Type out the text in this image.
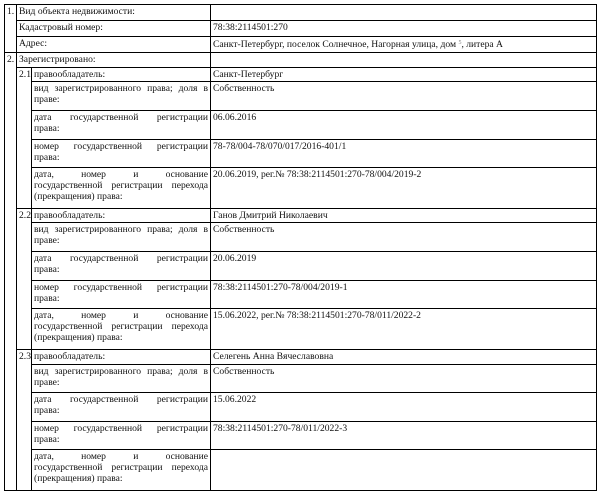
1.	Вид объекта недвижимости:		
	Кадастровый номер:		78:38:2114501:270
	Адрес:		Санкт-Петербург, поселок Солнечное, Нагорная улица, дом $^5$, литера А
2.	Зарегистрировано:		
	2.1	правообладатель:	Санкт-Петербург

		вид зарегистрированного права; доля в
праве:	Собственность

		дата государственной регистрации
права:	06.06.2016

		номер государственной регистрации
права:	78-78/004-78/070/017/2016-401/1

		дата, номер и основание
государственной регистрации перехода
(прекращения) права:	20.06.2019, рег.№ 78:38:2114501:270-78/004/2019-2
	2.2	правообладатель:	Ганов Дмитрий Николаевич

		вид зарегистрированного права; доля в
праве:	Собственность

		дата государственной регистрации
права:	20.06.2019

		номер государственной регистрации
права:	78:38:2114501:270-78/004/2019-1

		дата, номер и основание
государственной регистрации перехода
(прекращения) права:	15.06.2022, рег.№ 78:38:2114501:270-78/011/2022-2
	2.3	правообладатель:	Селегень Анна Вячеславовна

		вид зарегистрированного права; доля в
праве:	Собственность

		дата государственной регистрации
права:	15.06.2022

		номер государственной регистрации
права:	78:38:2114501:270-78/011/2022-3

		дата, номер и основание
государственной регистрации перехода
(прекращения) права:	
